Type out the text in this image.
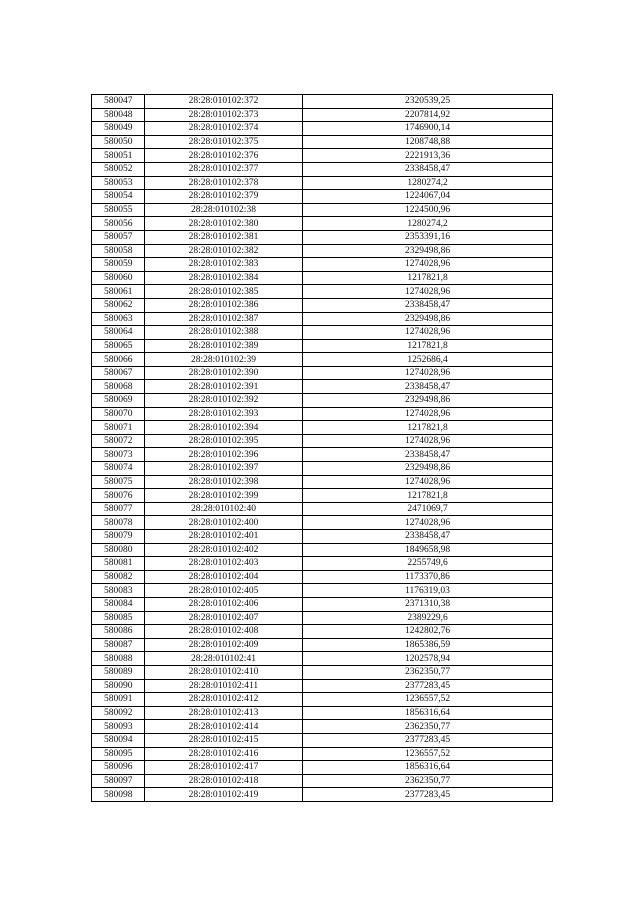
580047	28:28:010102:372	2320539,25
580048	28:28:010102:373	2207814,92
580049	28:28:010102:374	1746900,14
580050	28:28:010102:375	1208748,88
580051	28:28:010102:376	2221913,36
580052	28:28:010102:377	2338458,47
580053	28:28:010102:378	1280274,2
580054	28:28:010102:379	1224067,04
580055	28:28:010102:38	1224500,96
580056	28:28:010102:380	1280274,2
580057	28:28:010102:381	2353391,16
580058	28:28:010102:382	2329498,86
580059	28:28:010102:383	1274028,96
580060	28:28:010102:384	1217821,8
580061	28:28:010102:385	1274028,96
580062	28:28:010102:386	2338458,47
580063	28:28:010102:387	2329498,86
580064	28:28:010102:388	1274028,96
580065	28:28:010102:389	1217821,8
580066	28:28:010102:39	1252686,4
580067	28:28:010102:390	1274028,96
580068	28:28:010102:391	2338458,47
580069	28:28:010102:392	2329498,86
580070	28:28:010102:393	1274028,96
580071	28:28:010102:394	1217821,8
580072	28:28:010102:395	1274028,96
580073	28:28:010102:396	2338458,47
580074	28:28:010102:397	2329498,86
580075	28:28:010102:398	1274028,96
580076	28:28:010102:399	1217821,8
580077	28:28:010102:40	2471069,7
580078	28:28:010102:400	1274028,96
580079	28:28:010102:401	2338458,47
580080	28:28:010102:402	1849658,98
580081	28:28:010102:403	2255749,6
580082	28:28:010102:404	1173370,86
580083	28:28:010102:405	1176319,03
580084	28:28:010102:406	2371310,38
580085	28:28:010102:407	2389229,6
580086	28:28:010102:408	1242802,76
580087	28:28:010102:409	1865386,59
580088	28:28:010102:41	1202578,94
580089	28:28:010102:410	2362350,77
580090	28:28:010102:411	2377283,45
580091	28:28:010102:412	1236557,52
580092	28:28:010102:413	1856316,64
580093	28:28:010102:414	2362350,77
580094	28:28:010102:415	2377283,45
580095	28:28:010102:416	1236557,52
580096	28:28:010102:417	1856316,64
580097	28:28:010102:418	2362350,77
580098	28:28:010102:419	2377283,45
